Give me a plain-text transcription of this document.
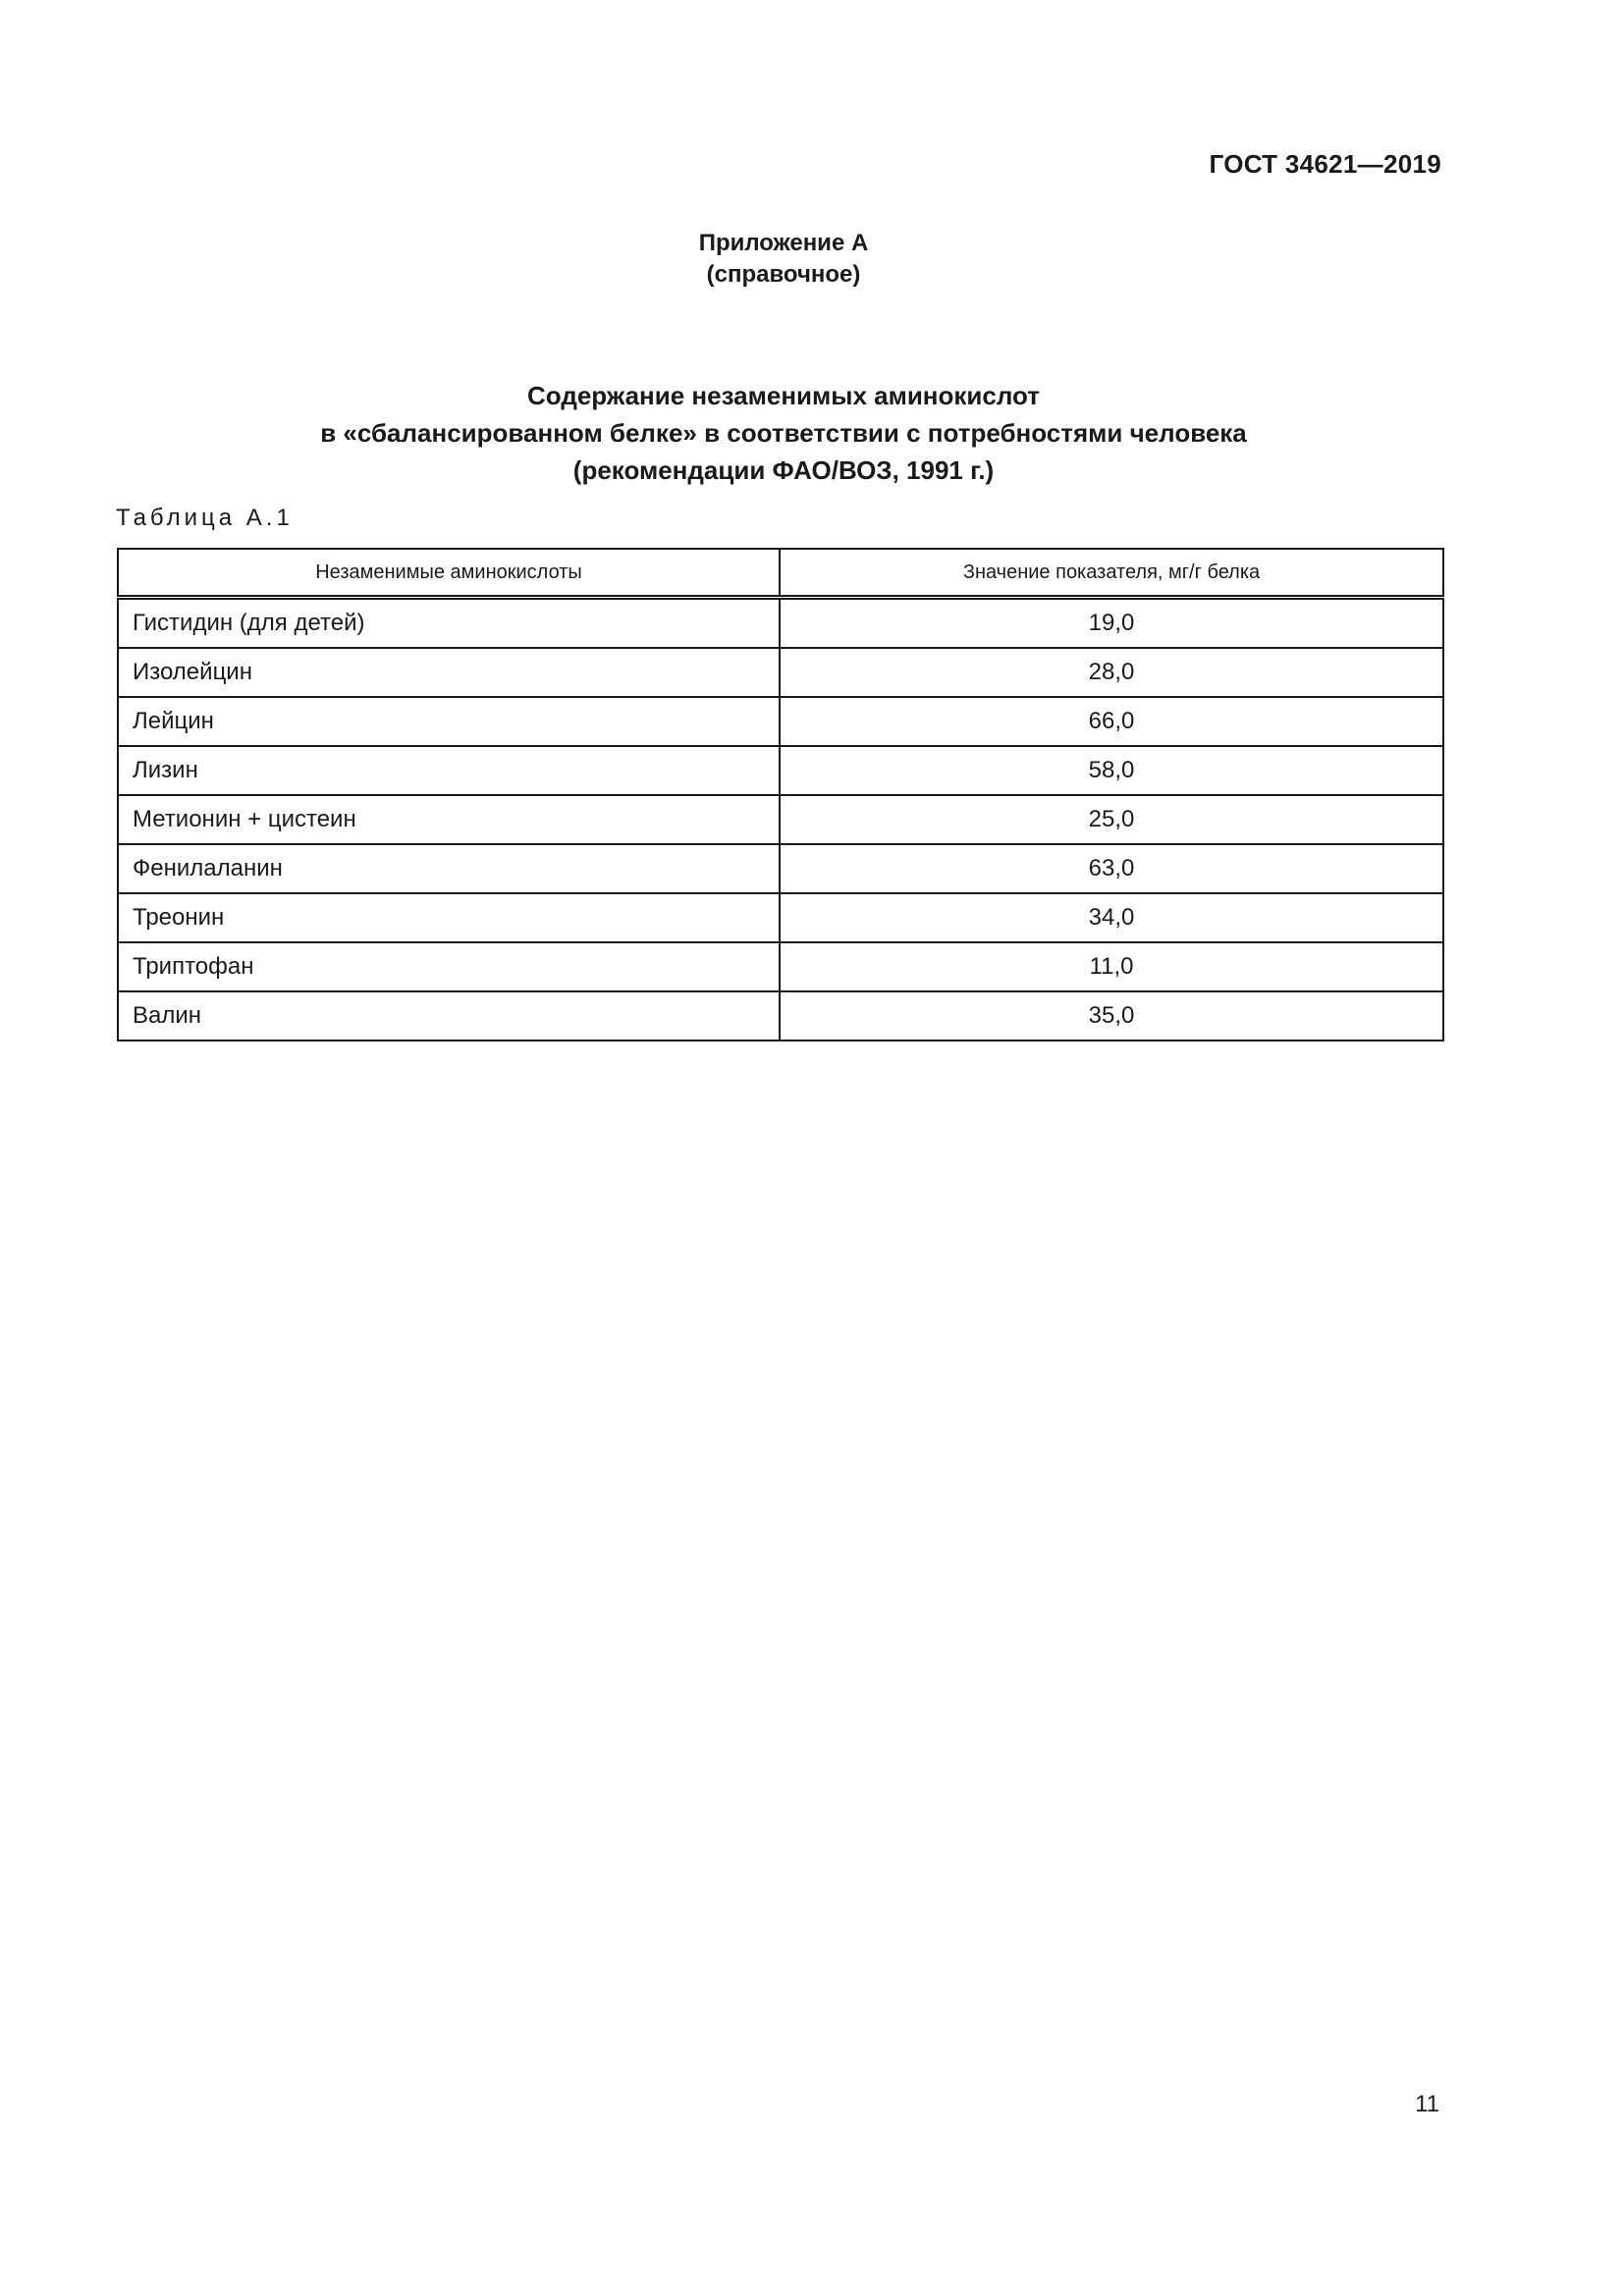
ГОСТ 34621—2019
Приложение А
(справочное)
Содержание незаменимых аминокислот
в «сбалансированном белке» в соответствии с потребностями человека
(рекомендации ФАО/ВОЗ, 1991 г.)
Таблица А.1
Незаменимые аминокислоты	Значение показателя, мг/г белка
Гистидин (для детей)	19,0
Изолейцин	28,0
Лейцин	66,0
Лизин	58,0
Метионин + цистеин	25,0
Фенилаланин	63,0
Треонин	34,0
Триптофан	11,0
Валин	35,0
11
